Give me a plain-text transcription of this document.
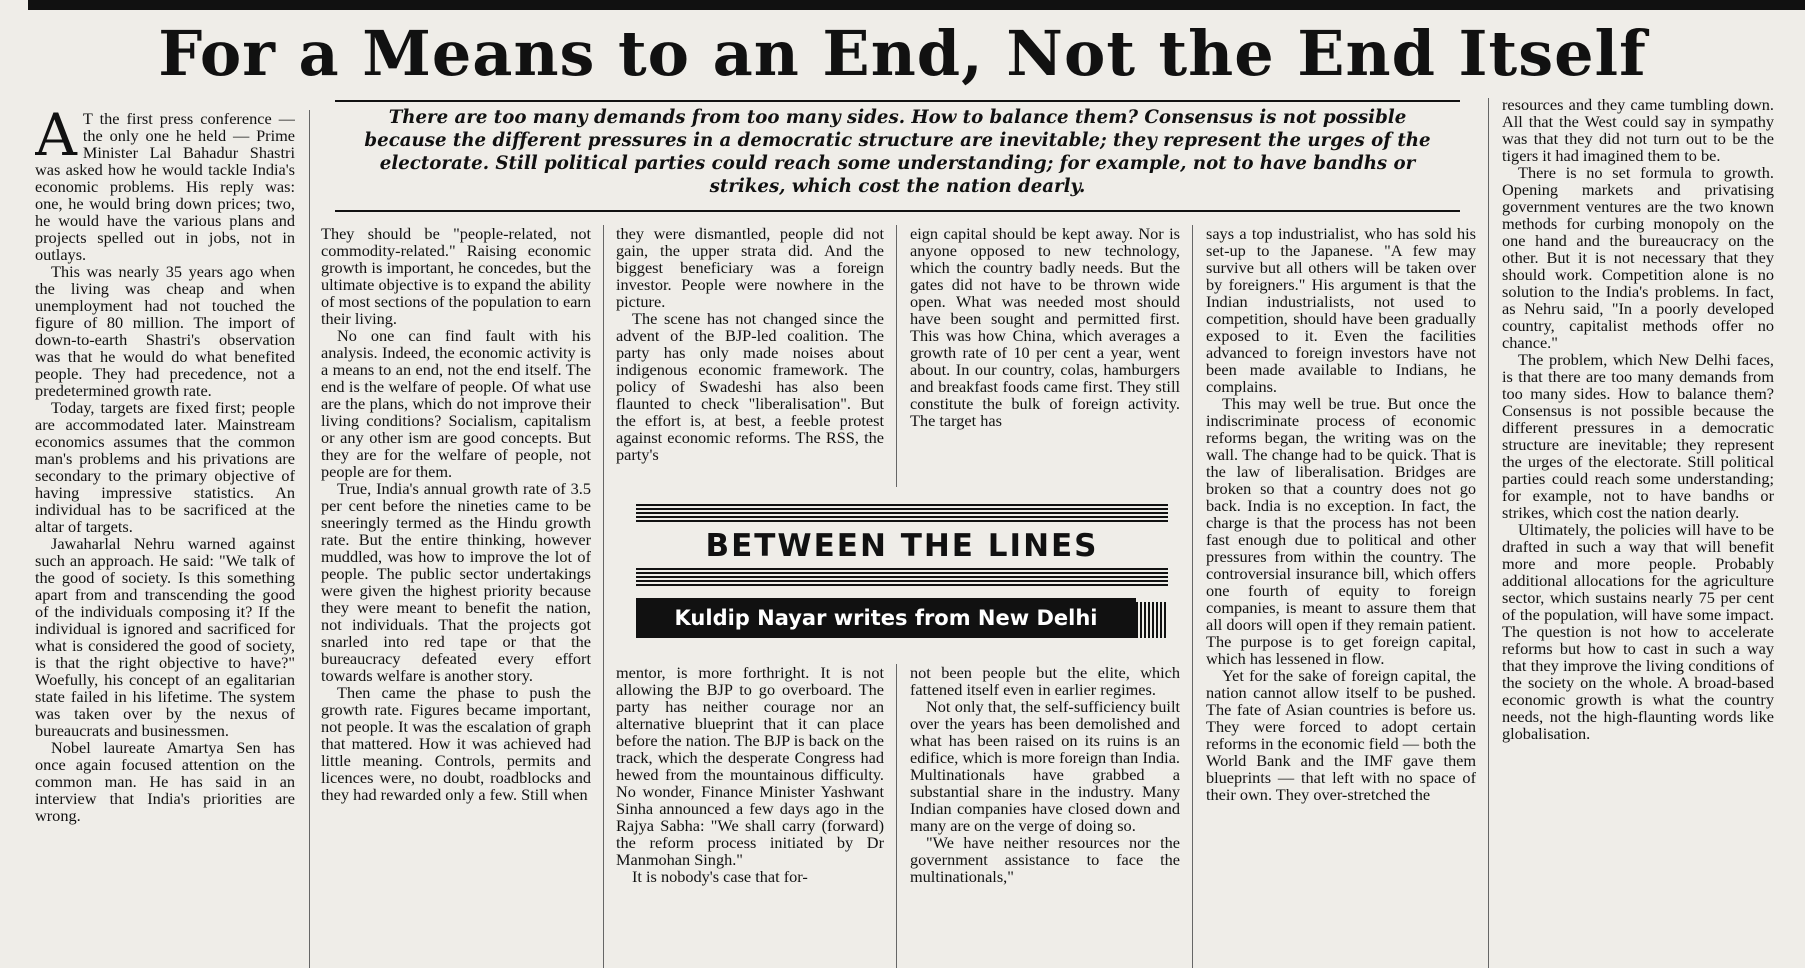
For a Means to an End, Not the End Itself

A T the first press conference — the only one he held — Prime Minister Lal Bahadur Shastri was asked how he would tackle India's economic problems. His reply was: one, he would bring down prices; two, he would have the various plans and projects spelled out in jobs, not in outlays.

This was nearly 35 years ago when the living was cheap and when unemployment had not touched the figure of 80 million. The import of down-to-earth Shastri's observation was that he would do what benefited people. They had precedence, not a predetermined growth rate.

Today, targets are fixed first; people are accommodated later. Mainstream economics assumes that the common man's problems and his privations are secondary to the primary objective of having impressive statistics. An individual has to be sacrificed at the altar of targets.

Jawaharlal Nehru warned against such an approach. He said: "We talk of the good of society. Is this something apart from and transcending the good of the individuals composing it? If the individual is ignored and sacrificed for what is considered the good of society, is that the right objective to have?" Woefully, his concept of an egalitarian state failed in his lifetime. The system was taken over by the nexus of bureaucrats and businessmen.

Nobel laureate Amartya Sen has once again focused attention on the common man. He has said in an interview that India's priorities are wrong.

There are too many demands from too many sides. How to balance them? Consensus is not possible because the different pressures in a democratic structure are inevitable; they represent the urges of the electorate. Still political parties could reach some understanding; for example, not to have bandhs or strikes, which cost the nation dearly.

They should be "people-related, not commodity-related." Raising economic growth is important, he concedes, but the ultimate objective is to expand the ability of most sections of the population to earn their living.

No one can find fault with his analysis. Indeed, the economic activity is a means to an end, not the end itself. The end is the welfare of people. Of what use are the plans, which do not improve their living conditions? Socialism, capitalism or any other ism are good concepts. But they are for the welfare of people, not people are for them.

True, India's annual growth rate of 3.5 per cent before the nineties came to be sneeringly termed as the Hindu growth rate. But the entire thinking, however muddled, was how to improve the lot of people. The public sector undertakings were given the highest priority because they were meant to benefit the nation, not individuals. That the projects got snarled into red tape or that the bureaucracy defeated every effort towards welfare is another story.

Then came the phase to push the growth rate. Figures became important, not people. It was the escalation of graph that mattered. How it was achieved had little meaning. Controls, permits and licences were, no doubt, roadblocks and they had rewarded only a few. Still when

they were dismantled, people did not gain, the upper strata did. And the biggest beneficiary was a foreign investor. People were nowhere in the picture.

The scene has not changed since the advent of the BJP-led coalition. The party has only made noises about indigenous economic framework. The policy of Swadeshi has also been flaunted to check "liberalisation". But the effort is, at best, a feeble protest against economic reforms. The RSS, the party's

eign capital should be kept away. Nor is anyone opposed to new technology, which the country badly needs. But the gates did not have to be thrown wide open. What was needed most should have been sought and permitted first. This was how China, which averages a growth rate of 10 per cent a year, went about. In our country, colas, hamburgers and breakfast foods came first. They still constitute the bulk of foreign activity. The target has

BETWEEN THE LINES
Kuldip Nayar writes from New Delhi

mentor, is more forthright. It is not allowing the BJP to go overboard. The party has neither courage nor an alternative blueprint that it can place before the nation. The BJP is back on the track, which the desperate Congress had hewed from the mountainous difficulty. No wonder, Finance Minister Yashwant Sinha announced a few days ago in the Rajya Sabha: "We shall carry (forward) the reform process initiated by Dr Manmohan Singh."

It is nobody's case that for-

not been people but the elite, which fattened itself even in earlier regimes.

Not only that, the self-sufficiency built over the years has been demolished and what has been raised on its ruins is an edifice, which is more foreign than India. Multinationals have grabbed a substantial share in the industry. Many Indian companies have closed down and many are on the verge of doing so.

"We have neither resources nor the government assistance to face the multinationals,"

says a top industrialist, who has sold his set-up to the Japanese. "A few may survive but all others will be taken over by foreigners." His argument is that the Indian industrialists, not used to competition, should have been gradually exposed to it. Even the facilities advanced to foreign investors have not been made available to Indians, he complains.

This may well be true. But once the indiscriminate process of economic reforms began, the writing was on the wall. The change had to be quick. That is the law of liberalisation. Bridges are broken so that a country does not go back. India is no exception. In fact, the charge is that the process has not been fast enough due to political and other pressures from within the country. The controversial insurance bill, which offers one fourth of equity to foreign companies, is meant to assure them that all doors will open if they remain patient. The purpose is to get foreign capital, which has lessened in flow.

Yet for the sake of foreign capital, the nation cannot allow itself to be pushed. The fate of Asian countries is before us. They were forced to adopt certain reforms in the economic field — both the World Bank and the IMF gave them blueprints — that left with no space of their own. They over-stretched the

resources and they came tumbling down. All that the West could say in sympathy was that they did not turn out to be the tigers it had imagined them to be.

There is no set formula to growth. Opening markets and privatising government ventures are the two known methods for curbing monopoly on the one hand and the bureaucracy on the other. But it is not necessary that they should work. Competition alone is no solution to the India's problems. In fact, as Nehru said, "In a poorly developed country, capitalist methods offer no chance."

The problem, which New Delhi faces, is that there are too many demands from too many sides. How to balance them? Consensus is not possible because the different pressures in a democratic structure are inevitable; they represent the urges of the electorate. Still political parties could reach some understanding; for example, not to have bandhs or strikes, which cost the nation dearly.

Ultimately, the policies will have to be drafted in such a way that will benefit more and more people. Probably additional allocations for the agriculture sector, which sustains nearly 75 per cent of the population, will have some impact. The question is not how to accelerate reforms but how to cast in such a way that they improve the living conditions of the society on the whole. A broad-based economic growth is what the country needs, not the high-flaunting words like globalisation.
